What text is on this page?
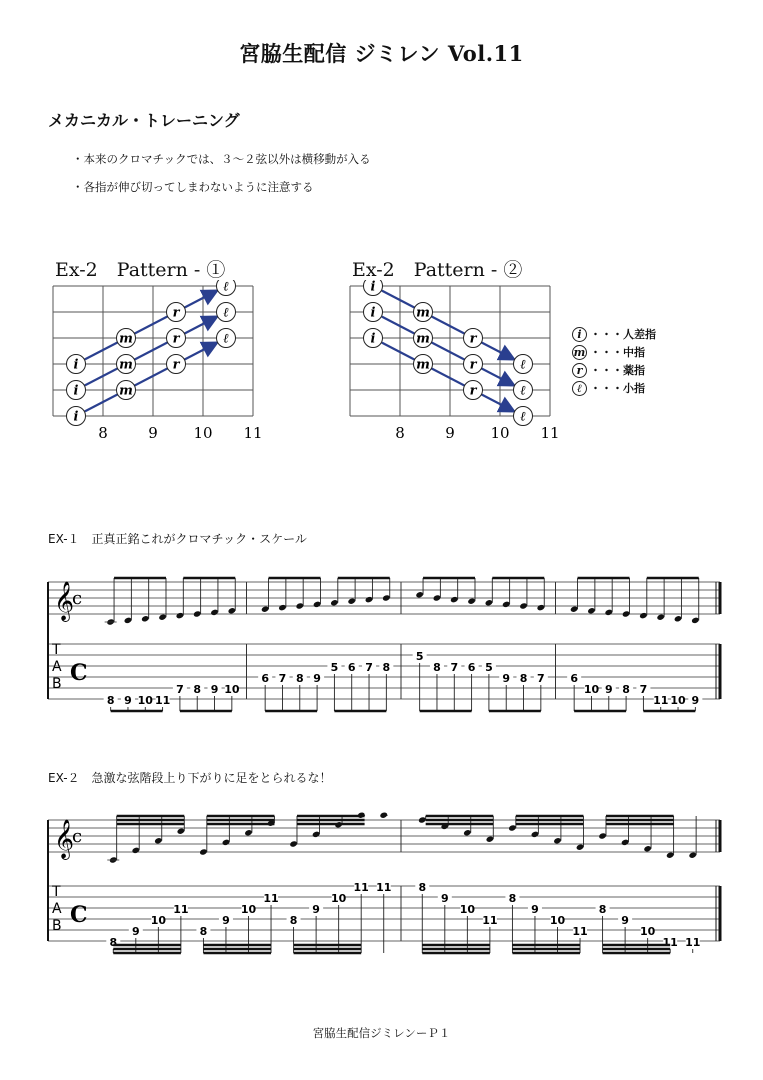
宮脇生配信 ジミレン Vol.11
メカニカル・トレーニング
・本来のクロマチックでは、３〜２弦以外は横移動が入る
・各指が伸び切ってしまわないように注意する
Ex-2　Pattern - ①	Ex-2　Pattern - ②
8	9 10 11
i
m
r
ℓ
i
m
r
ℓ
i
m
r
ℓ
8	9 10 11
i
m
r
ℓ
i
m
r
ℓ
i
m
r
ℓ
i ・・・人差指
m ・・・中指
r ・・・薬指
ℓ ・・・小指
EX-１　正真正銘これがクロマチック・スケール
𝄞
c
T
A
B C
8 9 10 11
7 8 9 10
6 7 8 9
5 6 7 8
5
8 7 6 5
9 8 7 6
10 9 8 7
11 10 9
EX-２　急激な弦階段上り下がりに足をとられるな！
𝄞
c
T
A
B C
8
9
10
11
8
9
10
11
8
9
10
11 11 8
9
10
11
8
9
10
11
8
9
10
11 11
宮脇生配信ジミレンーＰ１
